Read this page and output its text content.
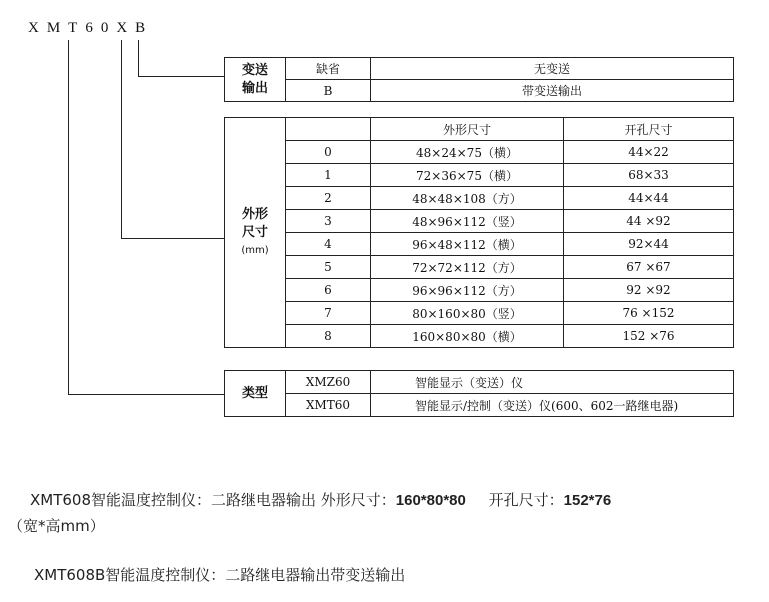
XMT60XB
变送
输出	缺省	无变送
	B	带变送输出
外形
尺寸
(mm)		外形尺寸	开孔尺寸
	0	48×24×75（横）	44×22
	1	72×36×75（横）	68×33
	2	48×48×108（方）	44×44
	3	48×96×112（竖）	44 ×92
	4	96×48×112（横）	92×44
	5	72×72×112（方）	67 ×67
	6	96×96×112（方）	92 ×92
	7	80×160×80（竖）	76 ×152
	8	160×80×80（横）	152 ×76
类型	XMZ60	智能显示（变送）仪
	XMT60	智能显示/控制（变送）仪(600、602一路继电器)
XMT608智能温度控制仪：二路继电器输出 外形尺寸：160*80*80 开孔尺寸：152*76
（宽*高mm）
XMT608B智能温度控制仪：二路继电器输出带变送输出
